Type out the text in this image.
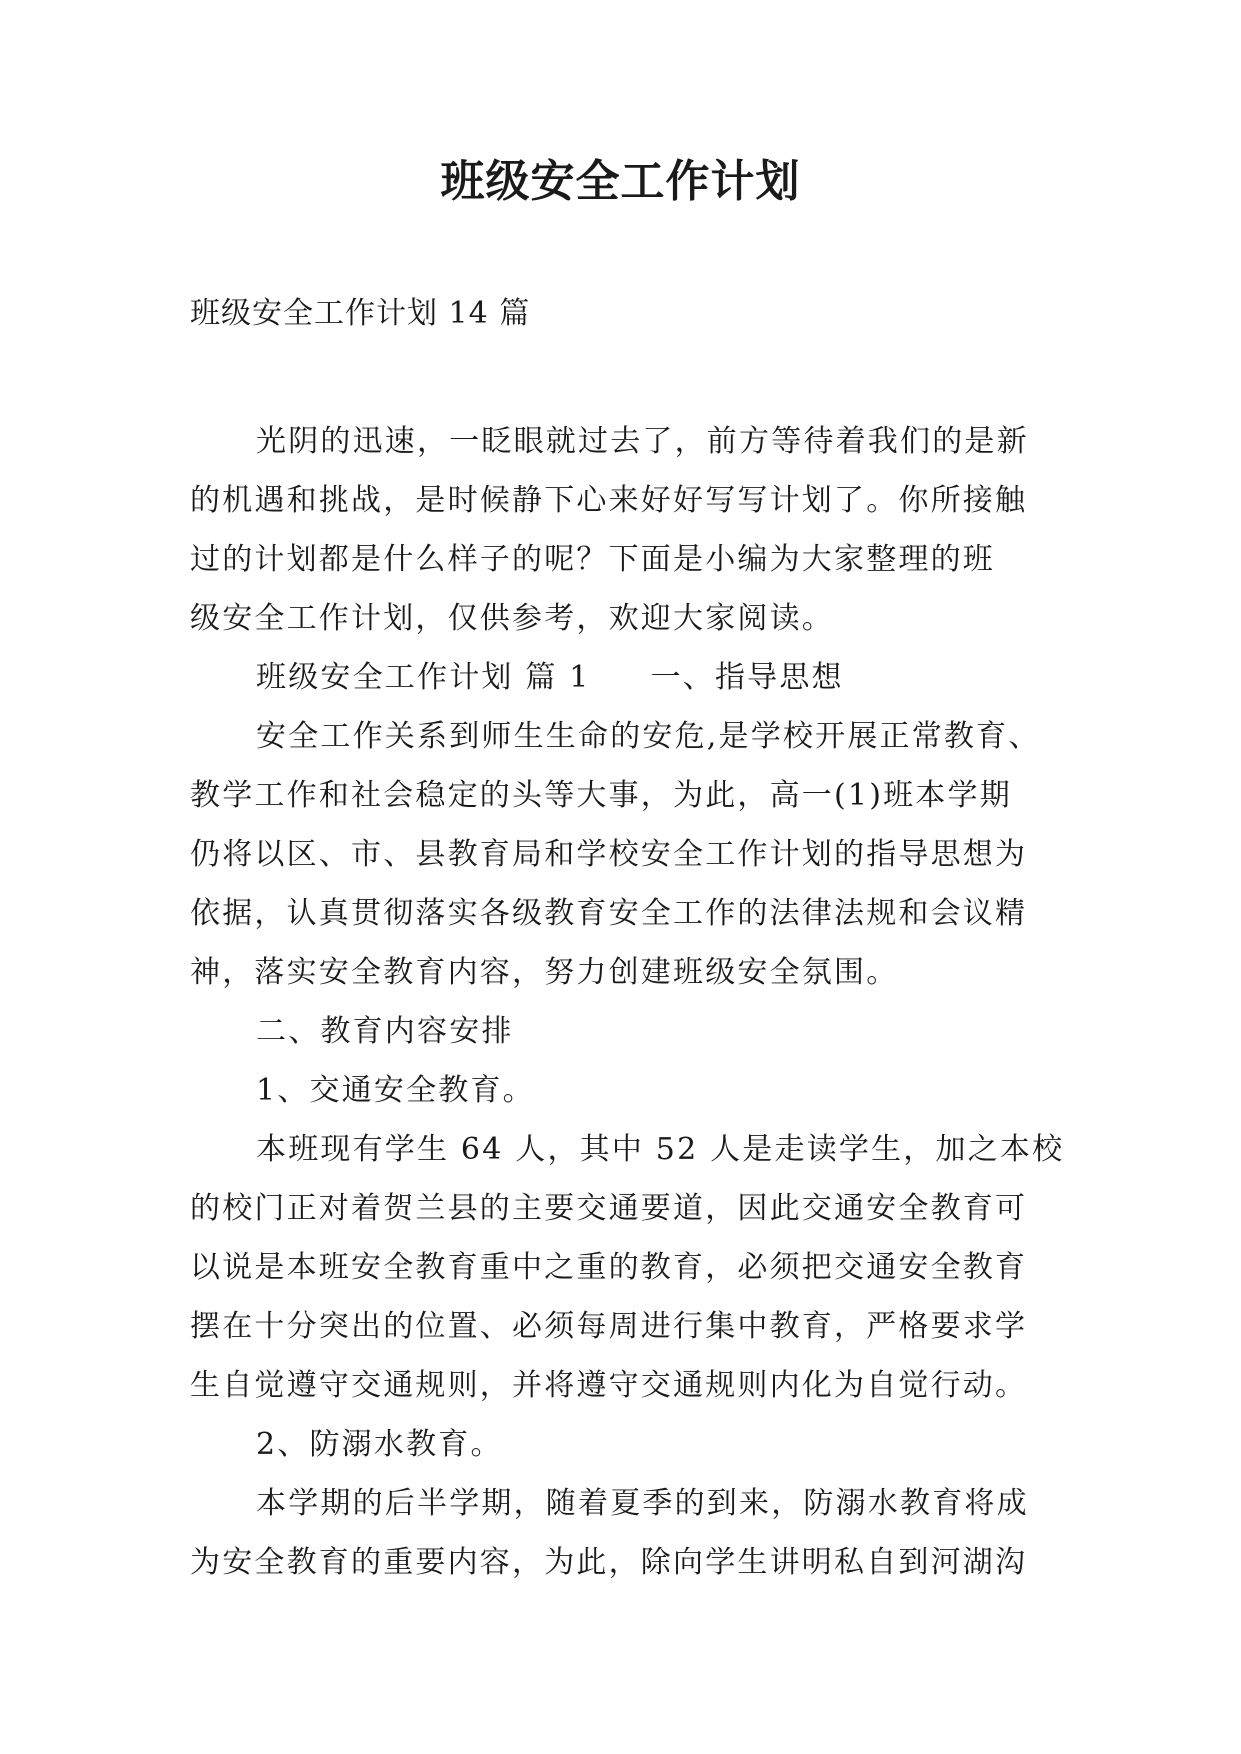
班级安全工作计划
班级安全工作计划 14 篇
光阴的迅速，一眨眼就过去了，前方等待着我们的是新
的机遇和挑战，是时候静下心来好好写写计划了。你所接触
过的计划都是什么样子的呢？下面是小编为大家整理的班
级安全工作计划，仅供参考，欢迎大家阅读。
班级安全工作计划 篇 1 一、指导思想
安全工作关系到师生生命的安危,是学校开展正常教育、
教学工作和社会稳定的头等大事，为此，高一(1)班本学期
仍将以区、市、县教育局和学校安全工作计划的指导思想为
依据，认真贯彻落实各级教育安全工作的法律法规和会议精
神，落实安全教育内容，努力创建班级安全氛围。
二、教育内容安排
1、交通安全教育。
本班现有学生 64 人，其中 52 人是走读学生，加之本校
的校门正对着贺兰县的主要交通要道，因此交通安全教育可
以说是本班安全教育重中之重的教育，必须把交通安全教育
摆在十分突出的位置、必须每周进行集中教育，严格要求学
生自觉遵守交通规则，并将遵守交通规则内化为自觉行动。
2、防溺水教育。
本学期的后半学期，随着夏季的到来，防溺水教育将成
为安全教育的重要内容，为此，除向学生讲明私自到河湖沟
